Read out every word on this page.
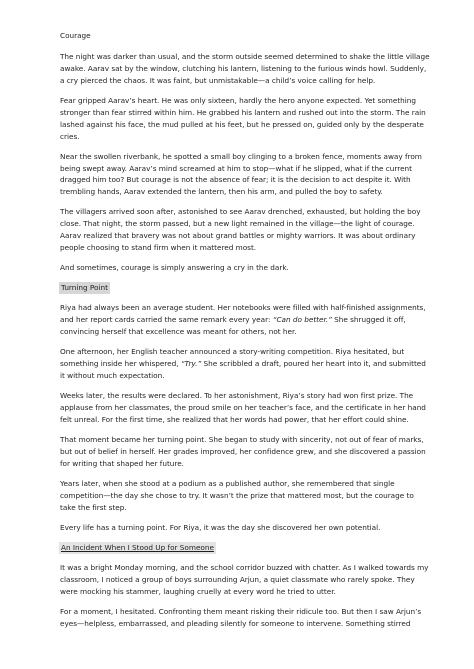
Courage

The night was darker than usual, and the storm outside seemed determined to shake the little village awake. Aarav sat by the window, clutching his lantern, listening to the furious winds howl. Suddenly, a cry pierced the chaos. It was faint, but unmistakable—a child’s voice calling for help.

Fear gripped Aarav’s heart. He was only sixteen, hardly the hero anyone expected. Yet something stronger than fear stirred within him. He grabbed his lantern and rushed out into the storm. The rain lashed against his face, the mud pulled at his feet, but he pressed on, guided only by the desperate cries.

Near the swollen riverbank, he spotted a small boy clinging to a broken fence, moments away from being swept away. Aarav’s mind screamed at him to stop—what if he slipped, what if the current dragged him too? But courage is not the absence of fear; it is the decision to act despite it. With trembling hands, Aarav extended the lantern, then his arm, and pulled the boy to safety.

The villagers arrived soon after, astonished to see Aarav drenched, exhausted, but holding the boy close. That night, the storm passed, but a new light remained in the village—the light of courage. Aarav realized that bravery was not about grand battles or mighty warriors. It was about ordinary people choosing to stand firm when it mattered most.

And sometimes, courage is simply answering a cry in the dark.

Turning Point

Riya had always been an average student. Her notebooks were filled with half-finished assignments, and her report cards carried the same remark every year: “Can do better.” She shrugged it off, convincing herself that excellence was meant for others, not her.

One afternoon, her English teacher announced a story-writing competition. Riya hesitated, but something inside her whispered, “Try.” She scribbled a draft, poured her heart into it, and submitted it without much expectation.

Weeks later, the results were declared. To her astonishment, Riya’s story had won first prize. The applause from her classmates, the proud smile on her teacher’s face, and the certificate in her hand felt unreal. For the first time, she realized that her words had power, that her effort could shine.

That moment became her turning point. She began to study with sincerity, not out of fear of marks, but out of belief in herself. Her grades improved, her confidence grew, and she discovered a passion for writing that shaped her future.

Years later, when she stood at a podium as a published author, she remembered that single competition—the day she chose to try. It wasn’t the prize that mattered most, but the courage to take the first step.

Every life has a turning point. For Riya, it was the day she discovered her own potential.

An Incident When I Stood Up for Someone

It was a bright Monday morning, and the school corridor buzzed with chatter. As I walked towards my classroom, I noticed a group of boys surrounding Arjun, a quiet classmate who rarely spoke. They were mocking his stammer, laughing cruelly at every word he tried to utter.

For a moment, I hesitated. Confronting them meant risking their ridicule too. But then I saw Arjun’s eyes—helpless, embarrassed, and pleading silently for someone to intervene. Something stirred
